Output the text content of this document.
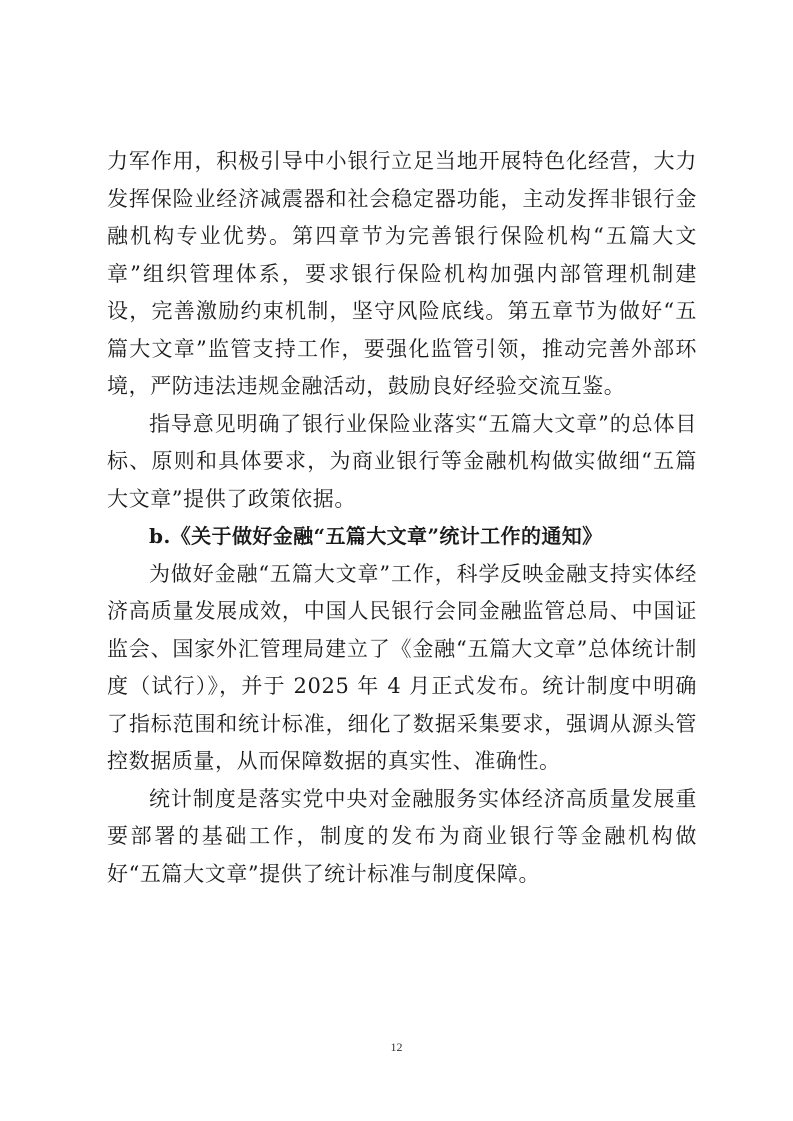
力军作用，积极引导中小银行立足当地开展特色化经营，大力发挥保险业经济减震器和社会稳定器功能，主动发挥非银行金融机构专业优势。第四章节为完善银行保险机构“五篇大文章”组织管理体系，要求银行保险机构加强内部管理机制建设，完善激励约束机制，坚守风险底线。第五章节为做好“五篇大文章”监管支持工作，要强化监管引领，推动完善外部环境，严防违法违规金融活动，鼓励良好经验交流互鉴。

指导意见明确了银行业保险业落实“五篇大文章”的总体目标、原则和具体要求，为商业银行等金融机构做实做细“五篇大文章”提供了政策依据。

b.《关于做好金融“五篇大文章”统计工作的通知》

为做好金融“五篇大文章”工作，科学反映金融支持实体经济高质量发展成效，中国人民银行会同金融监管总局、中国证监会、国家外汇管理局建立了《金融“五篇大文章”总体统计制度（试行）》，并于 2025 年 4 月正式发布。统计制度中明确了指标范围和统计标准，细化了数据采集要求，强调从源头管控数据质量，从而保障数据的真实性、准确性。

统计制度是落实党中央对金融服务实体经济高质量发展重要部署的基础工作，制度的发布为商业银行等金融机构做好“五篇大文章”提供了统计标准与制度保障。

12
